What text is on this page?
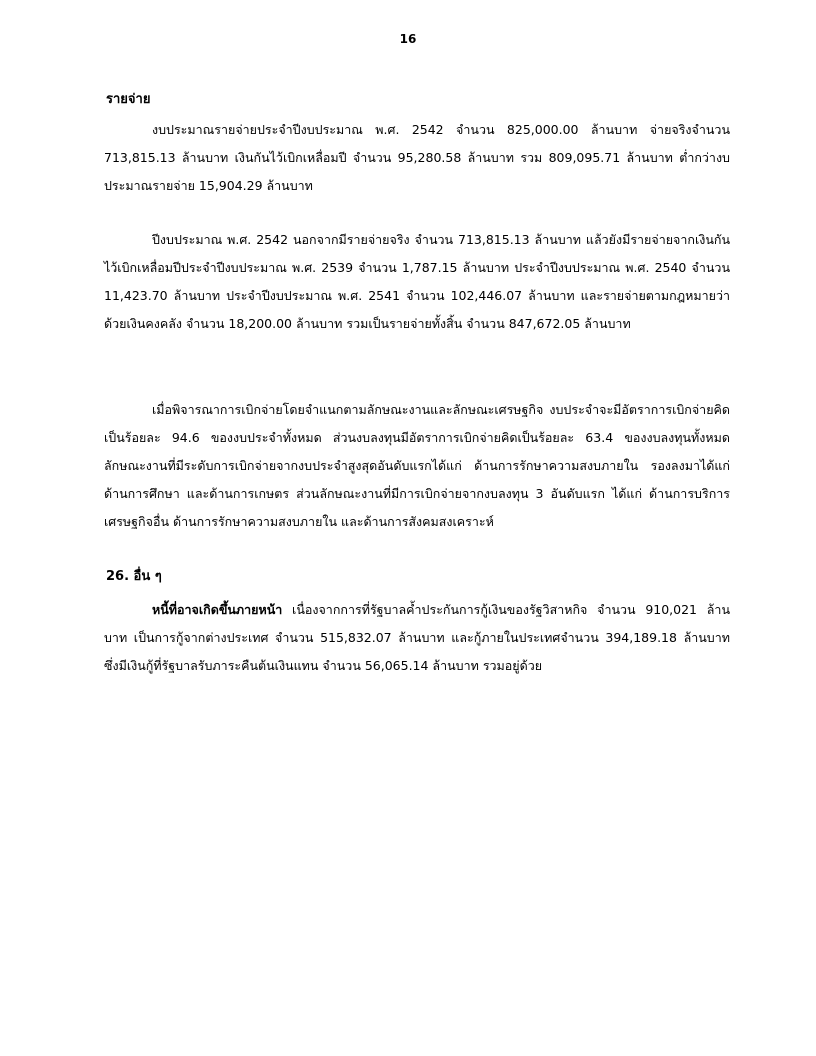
16
รายจ่าย
งบประมาณรายจ่ายประจำปีงบประมาณ พ.ศ. 2542 จำนวน 825,000.00 ล้านบาท จ่ายจริงจำนวน 713,815.13 ล้านบาท เงินกันไว้เบิกเหลื่อมปี จำนวน 95,280.58 ล้านบาท รวม 809,095.71 ล้านบาท ต่ำกว่างบประมาณรายจ่าย 15,904.29 ล้านบาท
ปีงบประมาณ พ.ศ. 2542 นอกจากมีรายจ่ายจริง จำนวน 713,815.13 ล้านบาท แล้วยังมีรายจ่ายจากเงินกันไว้เบิกเหลื่อมปีประจำปีงบประมาณ พ.ศ. 2539 จำนวน 1,787.15 ล้านบาท ประจำปีงบประมาณ พ.ศ. 2540 จำนวน 11,423.70 ล้านบาท ประจำปีงบประมาณ พ.ศ. 2541 จำนวน 102,446.07 ล้านบาท และรายจ่ายตามกฎหมายว่าด้วยเงินคงคลัง จำนวน 18,200.00 ล้านบาท รวมเป็นรายจ่ายทั้งสิ้น จำนวน 847,672.05 ล้านบาท
เมื่อพิจารณาการเบิกจ่ายโดยจำแนกตามลักษณะงานและลักษณะเศรษฐกิจ งบประจำจะมีอัตราการเบิกจ่ายคิดเป็นร้อยละ 94.6 ของงบประจำทั้งหมด ส่วนงบลงทุนมีอัตราการเบิกจ่ายคิดเป็นร้อยละ 63.4 ของงบลงทุนทั้งหมด ลักษณะงานที่มีระดับการเบิกจ่ายจากงบประจำสูงสุดอันดับแรกได้แก่ ด้านการรักษาความสงบภายใน รองลงมาได้แก่ ด้านการศึกษา และด้านการเกษตร ส่วนลักษณะงานที่มีการเบิกจ่ายจากงบลงทุน 3 อันดับแรก ได้แก่ ด้านการบริการเศรษฐกิจอื่น ด้านการรักษาความสงบภายใน และด้านการสังคมสงเคราะห์
26. อื่น ๆ
หนี้ที่อาจเกิดขึ้นภายหน้า เนื่องจากการที่รัฐบาลค้ำประกันการกู้เงินของรัฐวิสาหกิจ จำนวน 910,021 ล้านบาท เป็นการกู้จากต่างประเทศ จำนวน 515,832.07 ล้านบาท และกู้ภายในประเทศจำนวน 394,189.18 ล้านบาท ซึ่งมีเงินกู้ที่รัฐบาลรับภาระคืนต้นเงินแทน จำนวน 56,065.14 ล้านบาท รวมอยู่ด้วย
